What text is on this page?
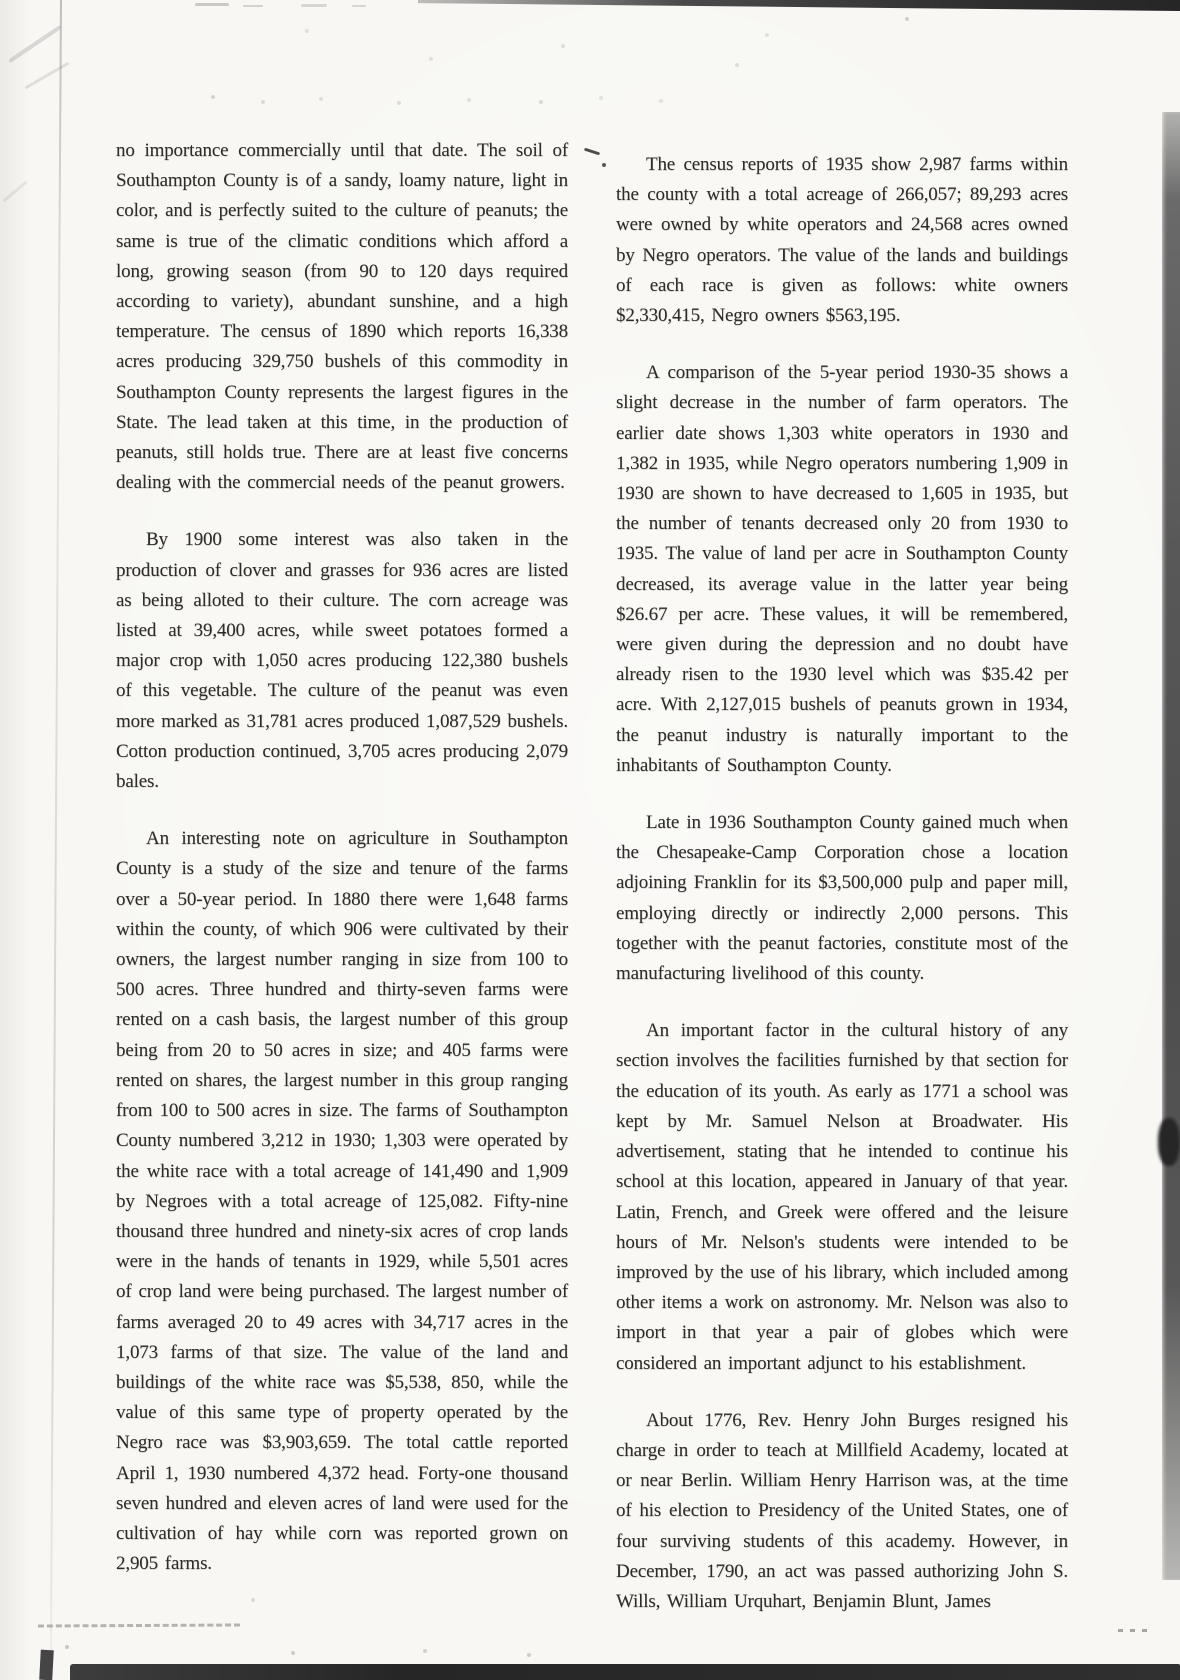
no importance commercially until that date. The soil of Southampton County is of a sandy, loamy nature, light in color, and is perfectly suited to the culture of peanuts; the same is true of the climatic conditions which afford a long, growing season (from 90 to 120 days required according to variety), abundant sunshine, and a high temperature. The census of 1890 which reports 16,338 acres producing 329,750 bushels of this commodity in Southampton County represents the largest figures in the State. The lead taken at this time, in the production of peanuts, still holds true. There are at least five concerns dealing with the commercial needs of the peanut growers.

By 1900 some interest was also taken in the production of clover and grasses for 936 acres are listed as being alloted to their culture. The corn acreage was listed at 39,400 acres, while sweet potatoes formed a major crop with 1,050 acres producing 122,380 bushels of this vegetable. The culture of the peanut was even more marked as 31,781 acres produced 1,087,529 bushels. Cotton production continued, 3,705 acres producing 2,079 bales.

An interesting note on agriculture in Southampton County is a study of the size and tenure of the farms over a 50-year period. In 1880 there were 1,648 farms within the county, of which 906 were cultivated by their owners, the largest number ranging in size from 100 to 500 acres. Three hundred and thirty-seven farms were rented on a cash basis, the largest number of this group being from 20 to 50 acres in size; and 405 farms were rented on shares, the largest number in this group ranging from 100 to 500 acres in size. The farms of Southampton County numbered 3,212 in 1930; 1,303 were operated by the white race with a total acreage of 141,490 and 1,909 by Negroes with a total acreage of 125,082. Fifty-nine thousand three hundred and ninety-six acres of crop lands were in the hands of tenants in 1929, while 5,501 acres of crop land were being purchased. The largest number of farms averaged 20 to 49 acres with 34,717 acres in the 1,073 farms of that size. The value of the land and buildings of the white race was $5,538, 850, while the value of this same type of property operated by the Negro race was $3,903,659. The total cattle reported April 1, 1930 numbered 4,372 head. Forty-one thousand seven hundred and eleven acres of land were used for the cultivation of hay while corn was reported grown on 2,905 farms.

The census reports of 1935 show 2,987 farms within the county with a total acreage of 266,057; 89,293 acres were owned by white operators and 24,568 acres owned by Negro operators. The value of the lands and buildings of each race is given as follows: white owners $2,330,415, Negro owners $563,195.

A comparison of the 5-year period 1930-35 shows a slight decrease in the number of farm operators. The earlier date shows 1,303 white operators in 1930 and 1,382 in 1935, while Negro operators numbering 1,909 in 1930 are shown to have decreased to 1,605 in 1935, but the number of tenants decreased only 20 from 1930 to 1935. The value of land per acre in Southampton County decreased, its average value in the latter year being $26.67 per acre. These values, it will be remembered, were given during the depression and no doubt have already risen to the 1930 level which was $35.42 per acre. With 2,127,015 bushels of peanuts grown in 1934, the peanut industry is naturally important to the inhabitants of Southampton County.

Late in 1936 Southampton County gained much when the Chesapeake-Camp Corporation chose a location adjoining Franklin for its $3,500,000 pulp and paper mill, employing directly or indirectly 2,000 persons. This together with the peanut factories, constitute most of the manufacturing livelihood of this county.

An important factor in the cultural history of any section involves the facilities furnished by that section for the education of its youth. As early as 1771 a school was kept by Mr. Samuel Nelson at Broadwater. His advertisement, stating that he intended to continue his school at this location, appeared in January of that year. Latin, French, and Greek were offered and the leisure hours of Mr. Nelson's students were intended to be improved by the use of his library, which included among other items a work on astronomy. Mr. Nelson was also to import in that year a pair of globes which were considered an important adjunct to his establishment.

About 1776, Rev. Henry John Burges resigned his charge in order to teach at Millfield Academy, located at or near Berlin. William Henry Harrison was, at the time of his election to Presidency of the United States, one of four surviving students of this academy. However, in December, 1790, an act was passed authorizing John S. Wills, William Urquhart, Benjamin Blunt, James
